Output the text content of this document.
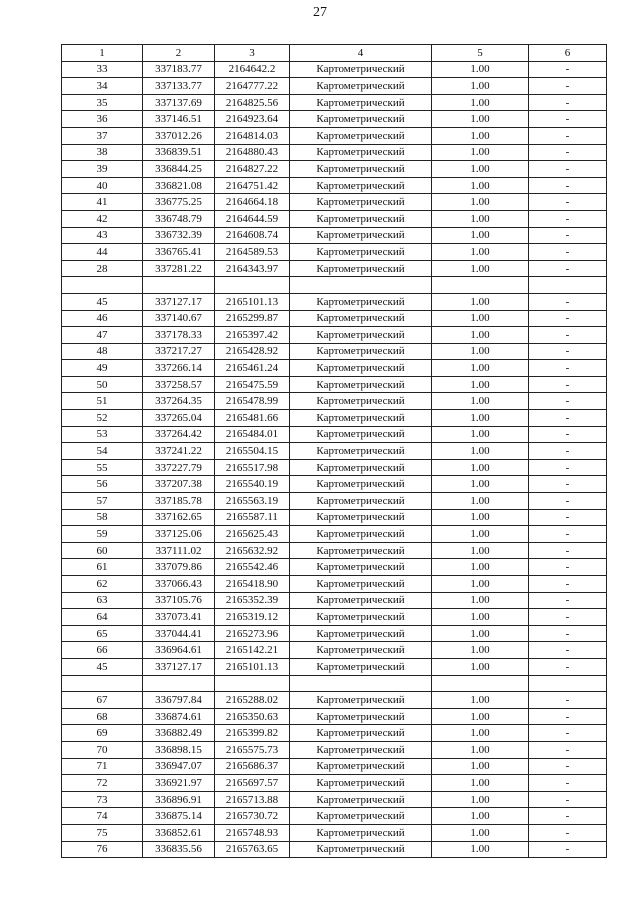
27
1	2	3	4	5	6
33	337183.77	2164642.2	Картометрический	1.00	-
34	337133.77	2164777.22	Картометрический	1.00	-
35	337137.69	2164825.56	Картометрический	1.00	-
36	337146.51	2164923.64	Картометрический	1.00	-
37	337012.26	2164814.03	Картометрический	1.00	-
38	336839.51	2164880.43	Картометрический	1.00	-
39	336844.25	2164827.22	Картометрический	1.00	-
40	336821.08	2164751.42	Картометрический	1.00	-
41	336775.25	2164664.18	Картометрический	1.00	-
42	336748.79	2164644.59	Картометрический	1.00	-
43	336732.39	2164608.74	Картометрический	1.00	-
44	336765.41	2164589.53	Картометрический	1.00	-
28	337281.22	2164343.97	Картометрический	1.00	-

45	337127.17	2165101.13	Картометрический	1.00	-
46	337140.67	2165299.87	Картометрический	1.00	-
47	337178.33	2165397.42	Картометрический	1.00	-
48	337217.27	2165428.92	Картометрический	1.00	-
49	337266.14	2165461.24	Картометрический	1.00	-
50	337258.57	2165475.59	Картометрический	1.00	-
51	337264.35	2165478.99	Картометрический	1.00	-
52	337265.04	2165481.66	Картометрический	1.00	-
53	337264.42	2165484.01	Картометрический	1.00	-
54	337241.22	2165504.15	Картометрический	1.00	-
55	337227.79	2165517.98	Картометрический	1.00	-
56	337207.38	2165540.19	Картометрический	1.00	-
57	337185.78	2165563.19	Картометрический	1.00	-
58	337162.65	2165587.11	Картометрический	1.00	-
59	337125.06	2165625.43	Картометрический	1.00	-
60	337111.02	2165632.92	Картометрический	1.00	-
61	337079.86	2165542.46	Картометрический	1.00	-
62	337066.43	2165418.90	Картометрический	1.00	-
63	337105.76	2165352.39	Картометрический	1.00	-
64	337073.41	2165319.12	Картометрический	1.00	-
65	337044.41	2165273.96	Картометрический	1.00	-
66	336964.61	2165142.21	Картометрический	1.00	-
45	337127.17	2165101.13	Картометрический	1.00	-

67	336797.84	2165288.02	Картометрический	1.00	-
68	336874.61	2165350.63	Картометрический	1.00	-
69	336882.49	2165399.82	Картометрический	1.00	-
70	336898.15	2165575.73	Картометрический	1.00	-
71	336947.07	2165686.37	Картометрический	1.00	-
72	336921.97	2165697.57	Картометрический	1.00	-
73	336896.91	2165713.88	Картометрический	1.00	-
74	336875.14	2165730.72	Картометрический	1.00	-
75	336852.61	2165748.93	Картометрический	1.00	-
76	336835.56	2165763.65	Картометрический	1.00	-
